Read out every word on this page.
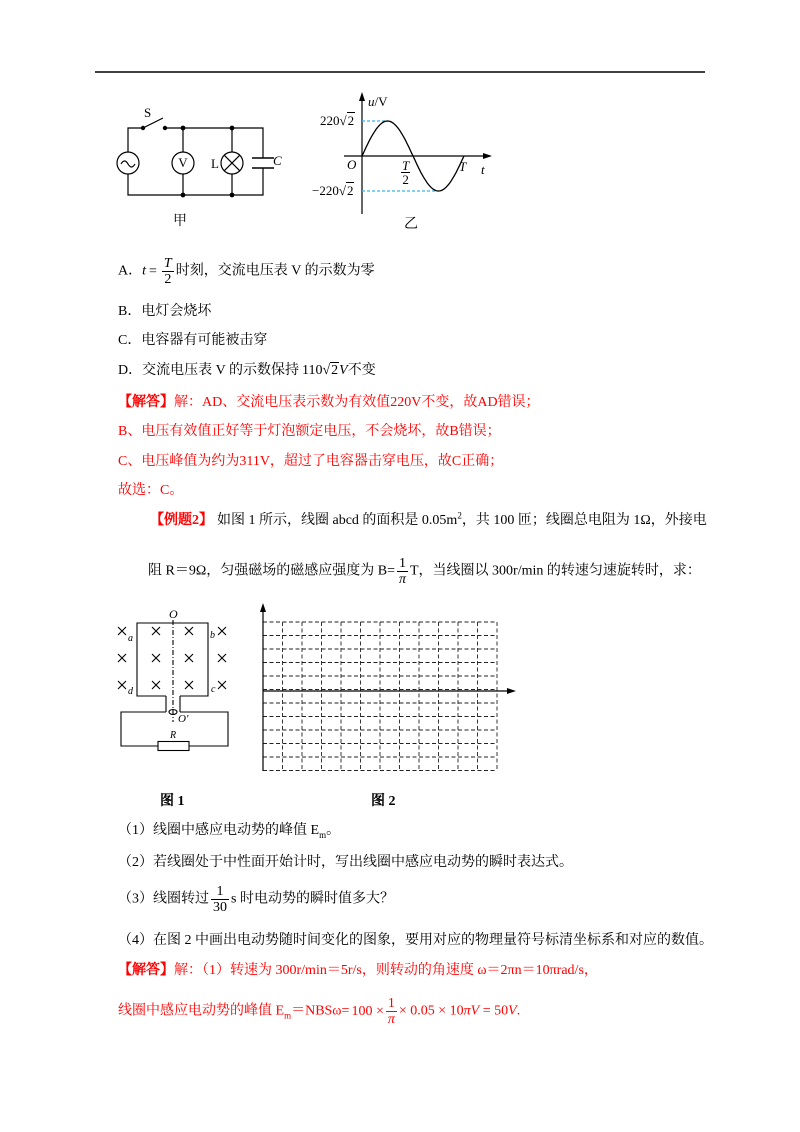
S
V	L	C
甲
u/V
220√2
−220√2
O	$\frac{T}{2}$	T t
乙
A．$t = \frac{T}{2}$ 时刻，交流电压表 V 的示数为零
B．电灯会烧坏
C．电容器有可能被击穿
D．交流电压表 V 的示数保持 110√2V不变
【解答】解：AD、交流电压表示数为有效值220V不变，故AD错误；
B、电压有效值正好等于灯泡额定电压，不会烧坏，故B错误；
C、电压峰值为约为311V，超过了电容器击穿电压，故C正确；
故选：C。
【例题2】 如图 1 所示，线圈 abcd 的面积是 $0.05m^2$，共 100 匝；线圈总电阻为 1Ω，外接电
阻 R＝9Ω，匀强磁场的磁感应强度为 $B= \frac{1}{\pi}$ T，当线圈以 300r/min 的转速匀速旋转时，求：
O
a	b
d	c
O'
R
图 1	图 2
（1）线圈中感应电动势的峰值 $E_m$。
（2）若线圈处于中性面开始计时，写出线圈中感应电动势的瞬时表达式。
（3）线圈转过 $\frac{1}{30}$ s 时电动势的瞬时值多大？
（4）在图 2 中画出电动势随时间变化的图象，要用对应的物理量符号标清坐标系和对应的数值。
【解答】解：（1）转速为 300r/min＝5r/s，则转动的角速度 ω＝2πn＝10πrad/s，
线圈中感应电动势的峰值 $E_m=NBS\omega= 100 \times \frac{1}{\pi} \times 0.05 \times 10\pi V = 50V$.
